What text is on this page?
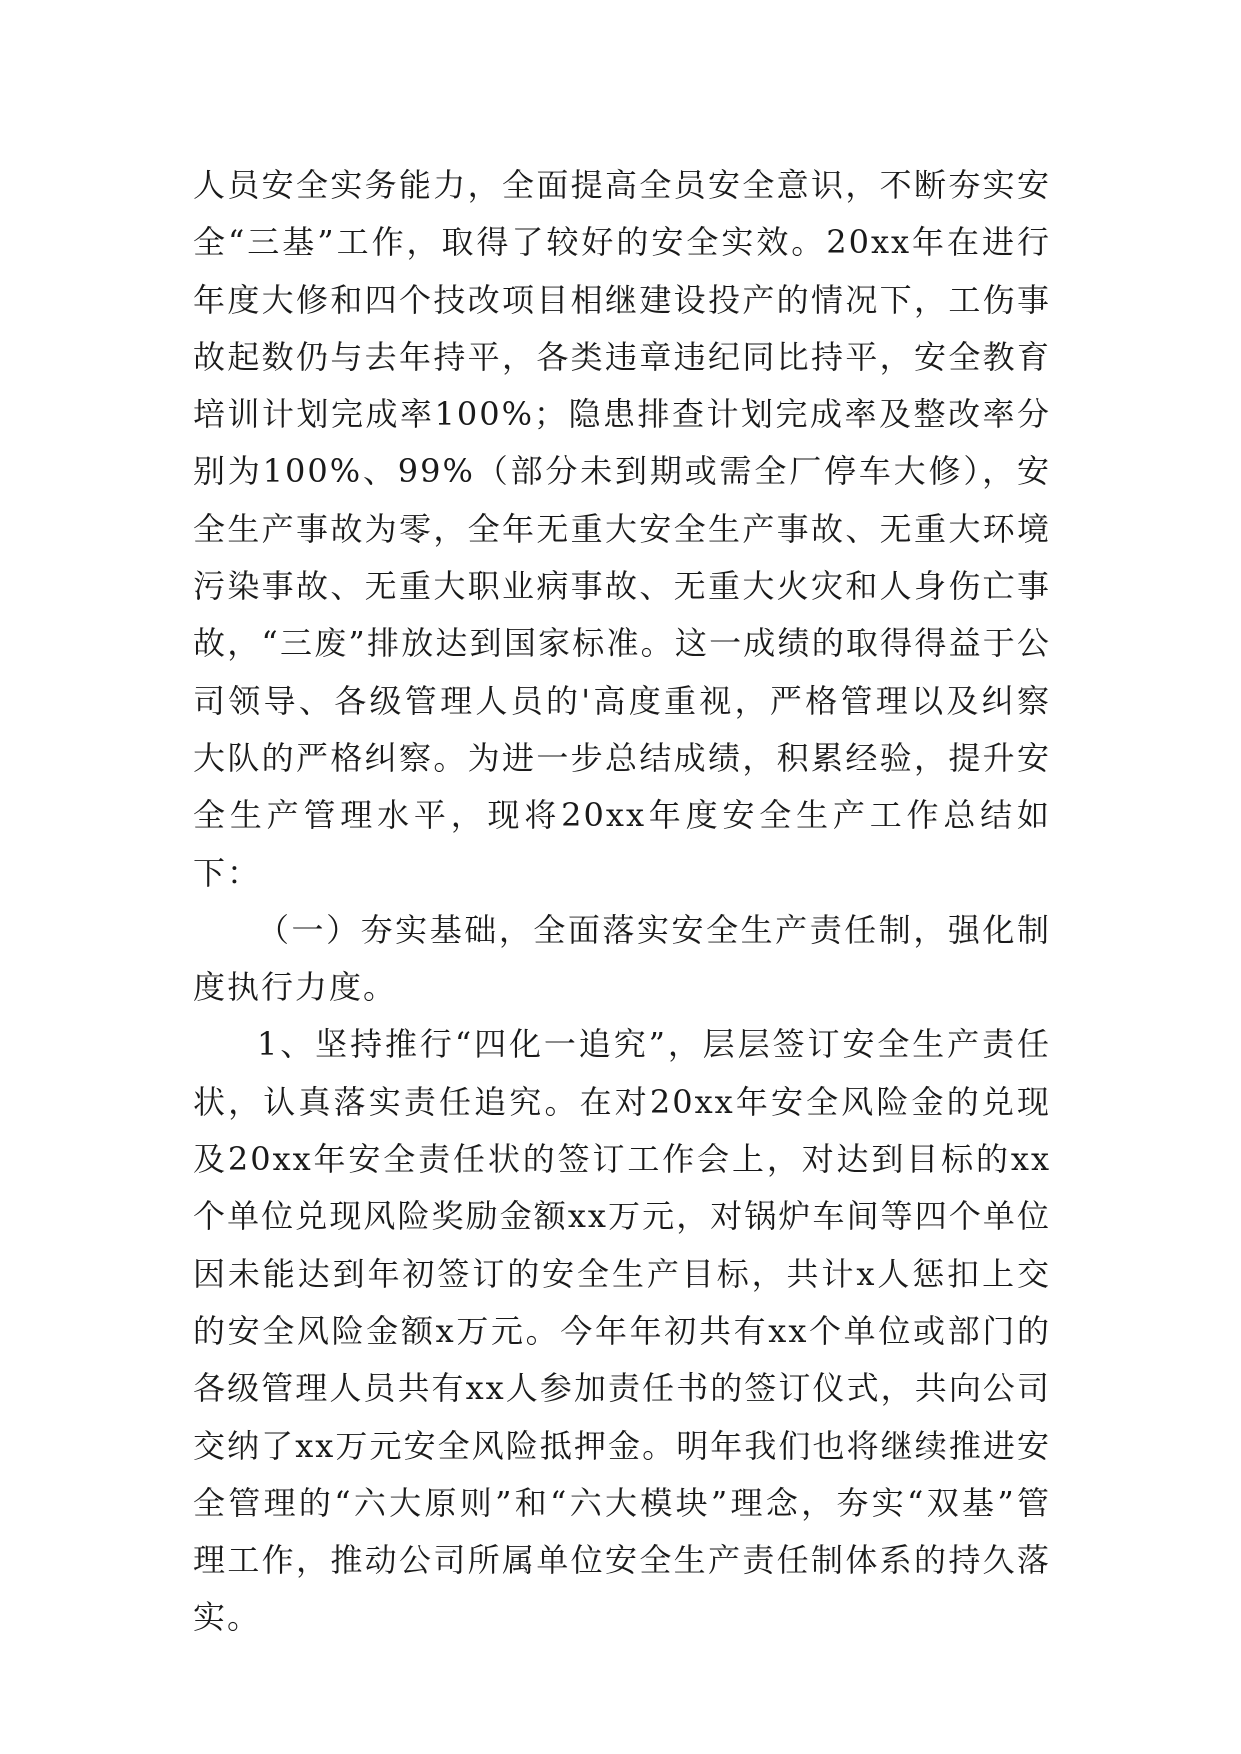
人员安全实务能力，全面提高全员安全意识，不断夯实安全“三基”工作，取得了较好的安全实效。20xx年在进行年度大修和四个技改项目相继建设投产的情况下，工伤事故起数仍与去年持平，各类违章违纪同比持平，安全教育培训计划完成率100%；隐患排查计划完成率及整改率分别为100%、99%（部分未到期或需全厂停车大修），安全生产事故为零，全年无重大安全生产事故、无重大环境污染事故、无重大职业病事故、无重大火灾和人身伤亡事故，“三废”排放达到国家标准。这一成绩的取得得益于公司领导、各级管理人员的'高度重视，严格管理以及纠察大队的严格纠察。为进一步总结成绩，积累经验，提升安全生产管理水平，现将20xx年度安全生产工作总结如下：

（一）夯实基础，全面落实安全生产责任制，强化制度执行力度。

1、坚持推行“四化一追究”，层层签订安全生产责任状，认真落实责任追究。在对20xx年安全风险金的兑现及20xx年安全责任状的签订工作会上，对达到目标的xx个单位兑现风险奖励金额xx万元，对锅炉车间等四个单位因未能达到年初签订的安全生产目标，共计x人惩扣上交的安全风险金额x万元。今年年初共有xx个单位或部门的各级管理人员共有xx人参加责任书的签订仪式，共向公司交纳了xx万元安全风险抵押金。明年我们也将继续推进安全管理的“六大原则”和“六大模块”理念，夯实“双基”管理工作，推动公司所属单位安全生产责任制体系的持久落实。
